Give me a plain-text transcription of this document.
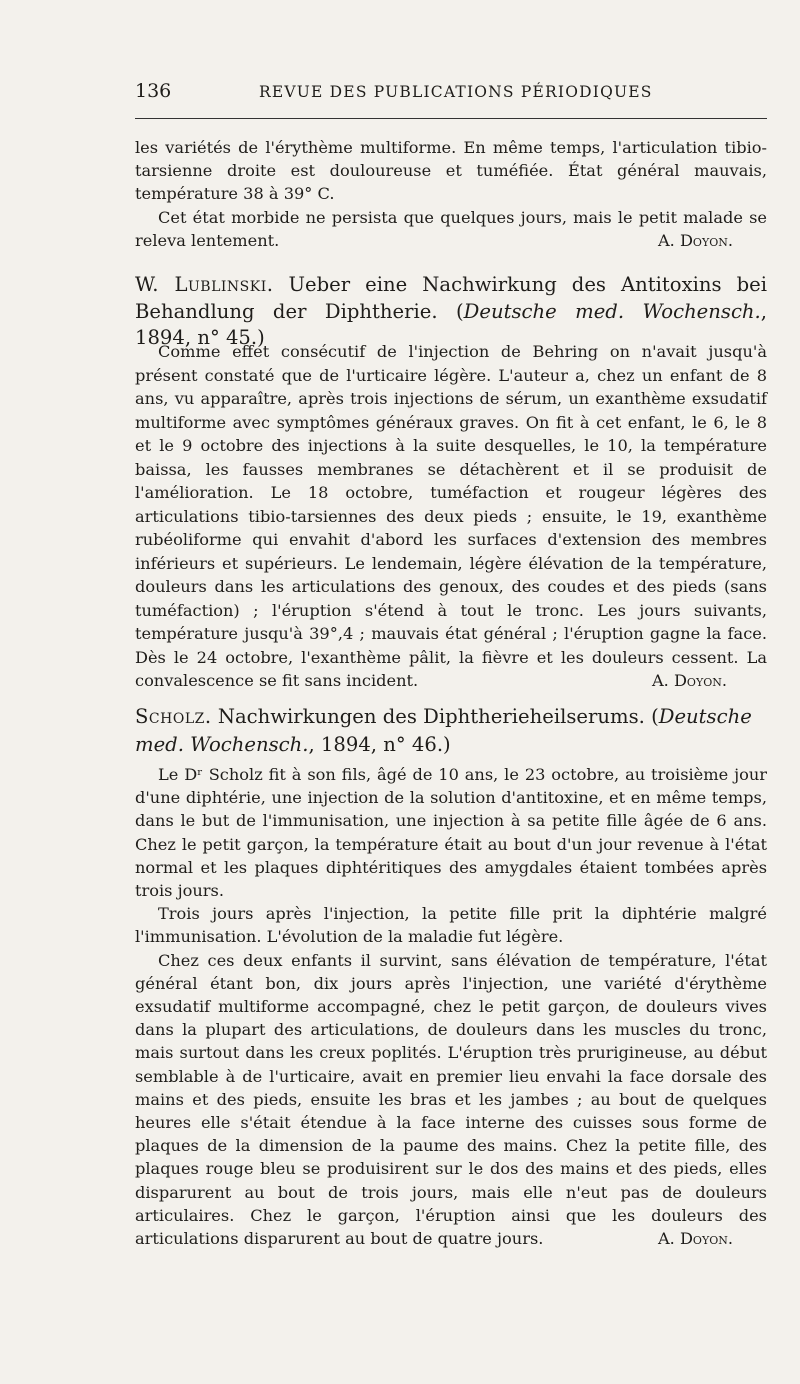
136	REVUE DES PUBLICATIONS PÉRIODIQUES

les variétés de l'érythème multiforme. En même temps, l'articulation tibio-tarsienne droite est douloureuse et tuméfiée. État général mauvais, température 38 à 39° C.

Cet état morbide ne persista que quelques jours, mais le petit malade se releva lentement.	A. Doyon.

W. Lublinski. Ueber eine Nachwirkung des Antitoxins bei Behandlung der Diphtherie. (Deutsche med. Wochensch., 1894, n° 45.)

Comme effet consécutif de l'injection de Behring on n'avait jusqu'à présent constaté que de l'urticaire légère. L'auteur a, chez un enfant de 8 ans, vu apparaître, après trois injections de sérum, un exanthème exsudatif multiforme avec symptômes généraux graves. On fit à cet enfant, le 6, le 8 et le 9 octobre des injections à la suite desquelles, le 10, la température baissa, les fausses membranes se détachèrent et il se produisit de l'amélioration. Le 18 octobre, tuméfaction et rougeur légères des articulations tibio-tarsiennes des deux pieds ; ensuite, le 19, exanthème rubéoliforme qui envahit d'abord les surfaces d'extension des membres inférieurs et supérieurs. Le lendemain, légère élévation de la température, douleurs dans les articulations des genoux, des coudes et des pieds (sans tuméfaction) ; l'éruption s'étend à tout le tronc. Les jours suivants, température jusqu'à 39°,4 ; mauvais état général ; l'éruption gagne la face. Dès le 24 octobre, l'exanthème pâlit, la fièvre et les douleurs cessent. La convalescence se fit sans incident.	A. Doyon.

Scholz. Nachwirkungen des Diphtherieheilserums. (Deutsche med. Wochensch., 1894, n° 46.)

Le Dʳ Scholz fit à son fils, âgé de 10 ans, le 23 octobre, au troisième jour d'une diphtérie, une injection de la solution d'antitoxine, et en même temps, dans le but de l'immunisation, une injection à sa petite fille âgée de 6 ans. Chez le petit garçon, la température était au bout d'un jour revenue à l'état normal et les plaques diphtéritiques des amygdales étaient tombées après trois jours.

Trois jours après l'injection, la petite fille prit la diphtérie malgré l'immunisation. L'évolution de la maladie fut légère.

Chez ces deux enfants il survint, sans élévation de température, l'état général étant bon, dix jours après l'injection, une variété d'érythème exsudatif multiforme accompagné, chez le petit garçon, de douleurs vives dans la plupart des articulations, de douleurs dans les muscles du tronc, mais surtout dans les creux poplités. L'éruption très prurigineuse, au début semblable à de l'urticaire, avait en premier lieu envahi la face dorsale des mains et des pieds, ensuite les bras et les jambes ; au bout de quelques heures elle s'était étendue à la face interne des cuisses sous forme de plaques de la dimension de la paume des mains. Chez la petite fille, des plaques rouge bleu se produisirent sur le dos des mains et des pieds, elles disparurent au bout de trois jours, mais elle n'eut pas de douleurs articulaires. Chez le garçon, l'éruption ainsi que les douleurs des articulations disparurent au bout de quatre jours.	A. Doyon.
